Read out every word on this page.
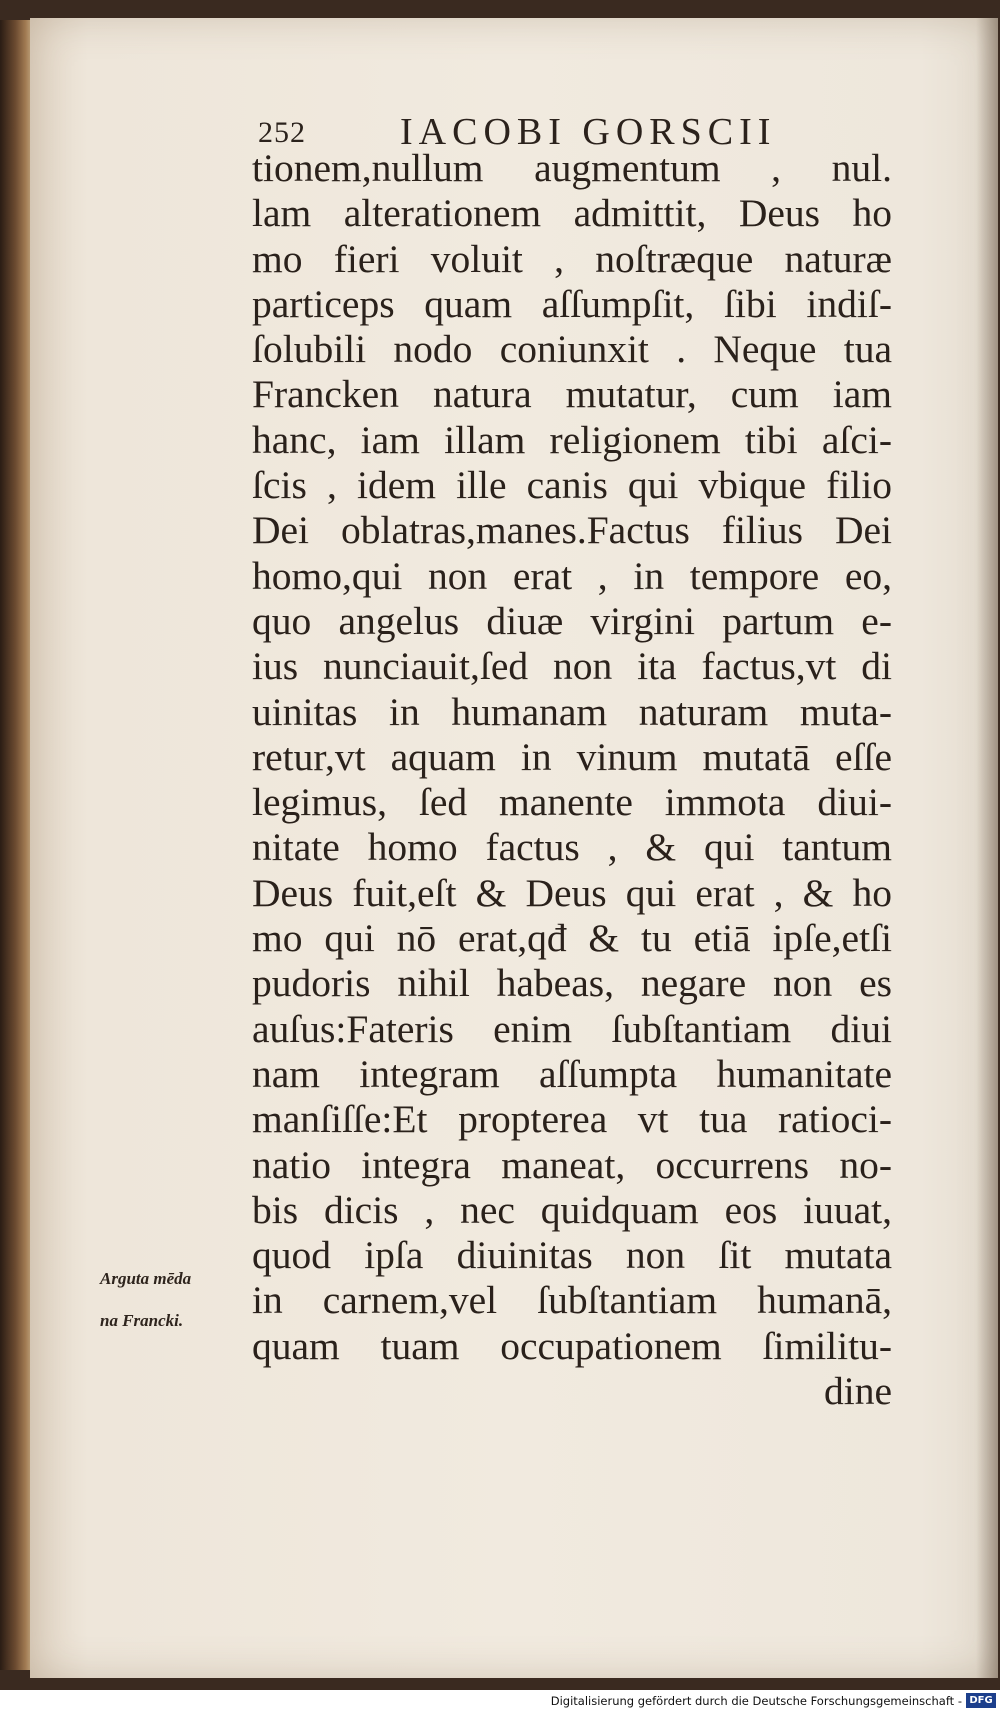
252 IACOBI GORSCII
tionem,nullum augmentum , nul.
lam alterationem admittit, Deus ho
mo fieri voluit , noſtræque naturæ
particeps quam aſſumpſit, ſibi indiſ-
ſolubili nodo coniunxit . Neque tua
Francken natura mutatur, cum iam
hanc, iam illam religionem tibi aſci-
ſcis , idem ille canis qui vbique filio
Dei oblatras,manes.Factus filius Dei
homo,qui non erat , in tempore eo,
quo angelus diuæ virgini partum e-
ius nunciauit,ſed non ita factus,vt di
uinitas in humanam naturam muta-
retur,vt aquam in vinum mutatā eſſe
legimus, ſed manente immota diui-
nitate homo factus , & qui tantum
Deus fuit,eſt & Deus qui erat , & ho
mo qui nō erat,qđ & tu etiā ipſe,etſi
pudoris nihil habeas, negare non es
auſus:Fateris enim ſubſtantiam diui
nam integram aſſumpta humanitate
manſiſſe:Et propterea vt tua ratioci-
natio integra maneat, occurrens no-
bis dicis , nec quidquam eos iuuat,
quod ipſa diuinitas non ſit mutata
in carnem,vel ſubſtantiam humanā,
quam tuam occupationem ſimilitu-
dine
Arguta mēda
na Francki.
Digitalisierung gefördert durch die Deutsche Forschungsgemeinschaft - DFG
